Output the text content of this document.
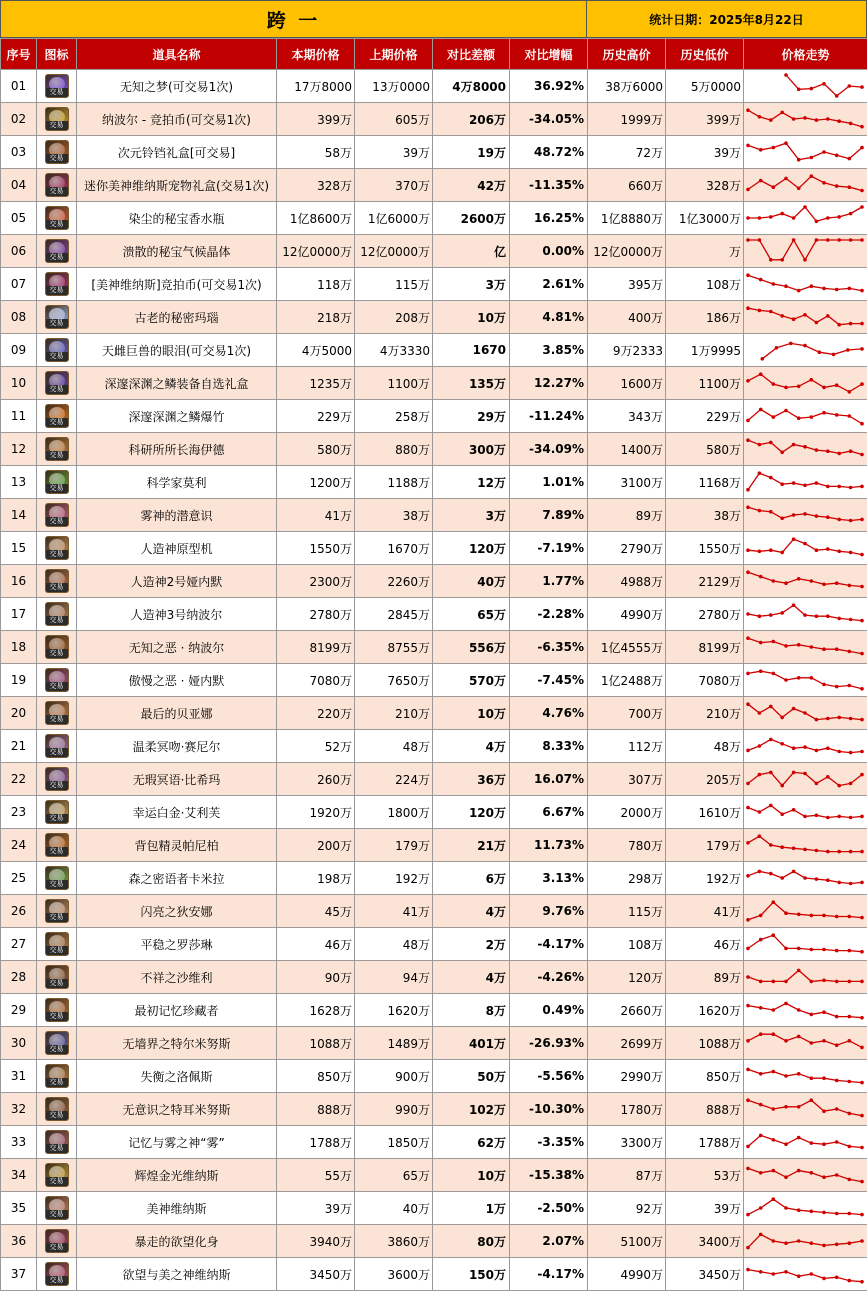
跨 一	统计日期：2025年8月22日
序号	图标	道具名称	本期价格	上期价格	对比差额	对比增幅	历史高价	历史低价	价格走势
01	交易	无知之梦(可交易1次)	17万8000	13万0000	4万8000	36.92%	38万6000	5万0000	

02	交易	纳波尔 - 竞拍币(可交易1次)	399万	605万	206万	-34.05%	1999万	399万	

03	交易	次元铃铛礼盒[可交易]	58万	39万	19万	48.72%	72万	39万	

04	交易	迷你美神维纳斯宠物礼盒(交易1次)	328万	370万	42万	-11.35%	660万	328万	

05	交易	染尘的秘宝香水瓶	1亿8600万	1亿6000万	2600万	16.25%	1亿8880万	1亿3000万	

06	交易	溃散的秘宝气候晶体	12亿0000万	12亿0000万	亿	0.00%	12亿0000万	万	

07	交易	[美神维纳斯]竞拍币(可交易1次)	118万	115万	3万	2.61%	395万	108万	

08	交易	古老的秘密玛瑙	218万	208万	10万	4.81%	400万	186万	

09	交易	天雌巨兽的眼泪(可交易1次)	4万5000	4万3330	1670	3.85%	9万2333	1万9995	

10	交易	深邃深渊之鳞装备自选礼盒	1235万	1100万	135万	12.27%	1600万	1100万	

11	交易	深邃深渊之鳞爆竹	229万	258万	29万	-11.24%	343万	229万	

12	交易	科研所所长海伊德	580万	880万	300万	-34.09%	1400万	580万	

13	交易	科学家莫利	1200万	1188万	12万	1.01%	3100万	1168万	

14	交易	雾神的潜意识	41万	38万	3万	7.89%	89万	38万	

15	交易	人造神原型机	1550万	1670万	120万	-7.19%	2790万	1550万	

16	交易	人造神2号娅内默	2300万	2260万	40万	1.77%	4988万	2129万	

17	交易	人造神3号纳波尔	2780万	2845万	65万	-2.28%	4990万	2780万	

18	交易	无知之恶 · 纳波尔	8199万	8755万	556万	-6.35%	1亿4555万	8199万	

19	交易	傲慢之恶 · 娅内默	7080万	7650万	570万	-7.45%	1亿2488万	7080万	

20	交易	最后的贝亚娜	220万	210万	10万	4.76%	700万	210万	

21	交易	温柔冥吻·赛尼尔	52万	48万	4万	8.33%	112万	48万	

22	交易	无瑕冥语·比希玛	260万	224万	36万	16.07%	307万	205万	

23	交易	幸运白金·艾利芙	1920万	1800万	120万	6.67%	2000万	1610万	

24	交易	背包精灵帕尼柏	200万	179万	21万	11.73%	780万	179万	

25	交易	森之密语者卡米拉	198万	192万	6万	3.13%	298万	192万	

26	交易	闪亮之狄安娜	45万	41万	4万	9.76%	115万	41万	

27	交易	平稳之罗莎琳	46万	48万	2万	-4.17%	108万	46万	

28	交易	不祥之沙维利	90万	94万	4万	-4.26%	120万	89万	

29	交易	最初记忆珍藏者	1628万	1620万	8万	0.49%	2660万	1620万	

30	交易	无墙界之特尔米努斯	1088万	1489万	401万	-26.93%	2699万	1088万	

31	交易	失衡之洛佩斯	850万	900万	50万	-5.56%	2990万	850万	

32	交易	无意识之特耳米努斯	888万	990万	102万	-10.30%	1780万	888万	

33	交易	记忆与雾之神“雾”	1788万	1850万	62万	-3.35%	3300万	1788万	

34	交易	辉煌金光维纳斯	55万	65万	10万	-15.38%	87万	53万	

35	交易	美神维纳斯	39万	40万	1万	-2.50%	92万	39万	

36	交易	暴走的欲望化身	3940万	3860万	80万	2.07%	5100万	3400万	

37	交易	欲望与美之神维纳斯	3450万	3600万	150万	-4.17%	4990万	3450万	
